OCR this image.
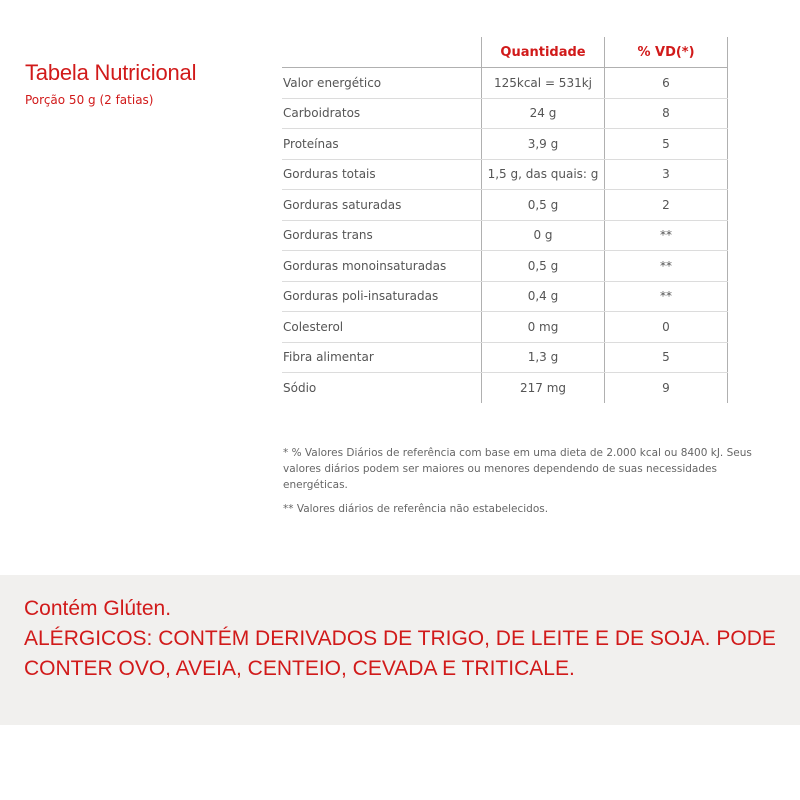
Tabela Nutricional
Porção 50 g (2 fatias)
	Quantidade	% VD(*)
Valor energético	125kcal = 531kj	6
Carboidratos	24 g	8
Proteínas	3,9 g	5
Gorduras totais	1,5 g, das quais: g	3
Gorduras saturadas	0,5 g	2
Gorduras trans	0 g	**
Gorduras monoinsaturadas	0,5 g	**
Gorduras poli-insaturadas	0,4 g	**
Colesterol	0 mg	0
Fibra alimentar	1,3 g	5
Sódio	217 mg	9

* % Valores Diários de referência com base em uma dieta de 2.000 kcal ou 8400 kJ. Seus valores diários podem ser maiores ou menores dependendo de suas necessidades energéticas.

** Valores diários de referência não estabelecidos.

Contém Glúten.
ALÉRGICOS: CONTÉM DERIVADOS DE TRIGO, DE LEITE E DE SOJA. PODE
CONTER OVO, AVEIA, CENTEIO, CEVADA E TRITICALE.
